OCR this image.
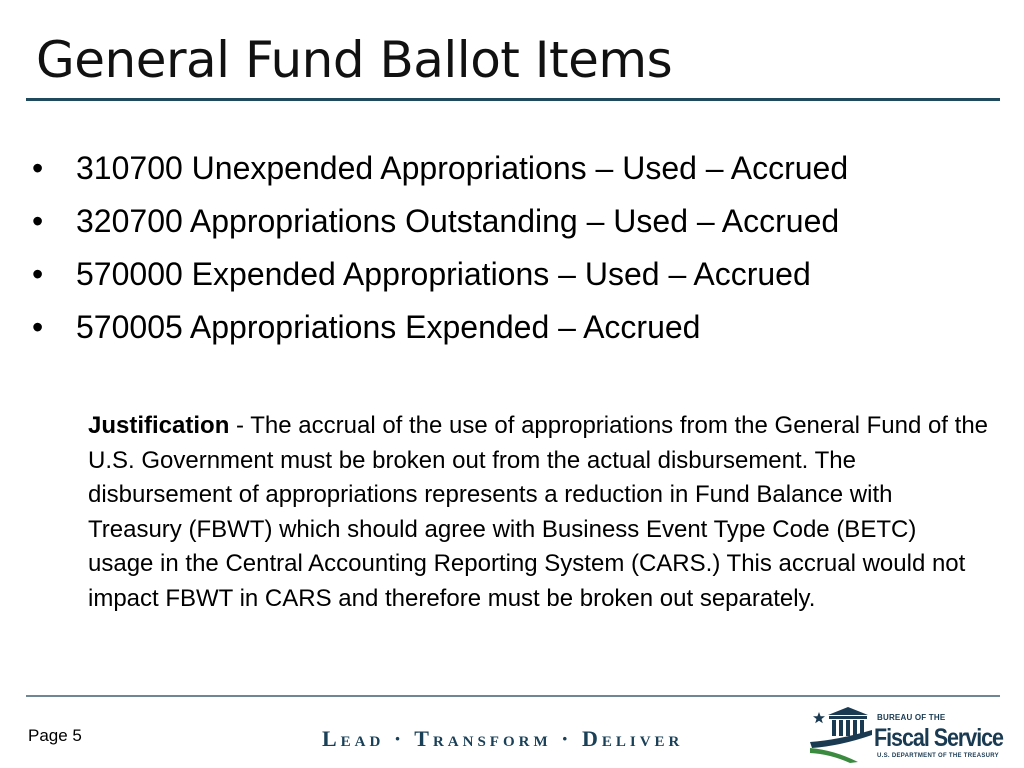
General Fund Ballot Items
•	310700 Unexpended Appropriations – Used – Accrued
•	320700 Appropriations Outstanding – Used – Accrued
•	570000 Expended Appropriations – Used – Accrued
•	570005 Appropriations Expended – Accrued
Justification - The accrual of the use of appropriations from the General Fund of the U.S. Government must be broken out from the actual disbursement. The disbursement of appropriations represents a reduction in Fund Balance with Treasury (FBWT) which should agree with Business Event Type Code (BETC) usage in the Central Accounting Reporting System (CARS.) This accrual would not impact FBWT in CARS and therefore must be broken out separately.
Page 5	Lead · Transform · Deliver
BUREAU OF THE
Fiscal Service
U.S. DEPARTMENT OF THE TREASURY
